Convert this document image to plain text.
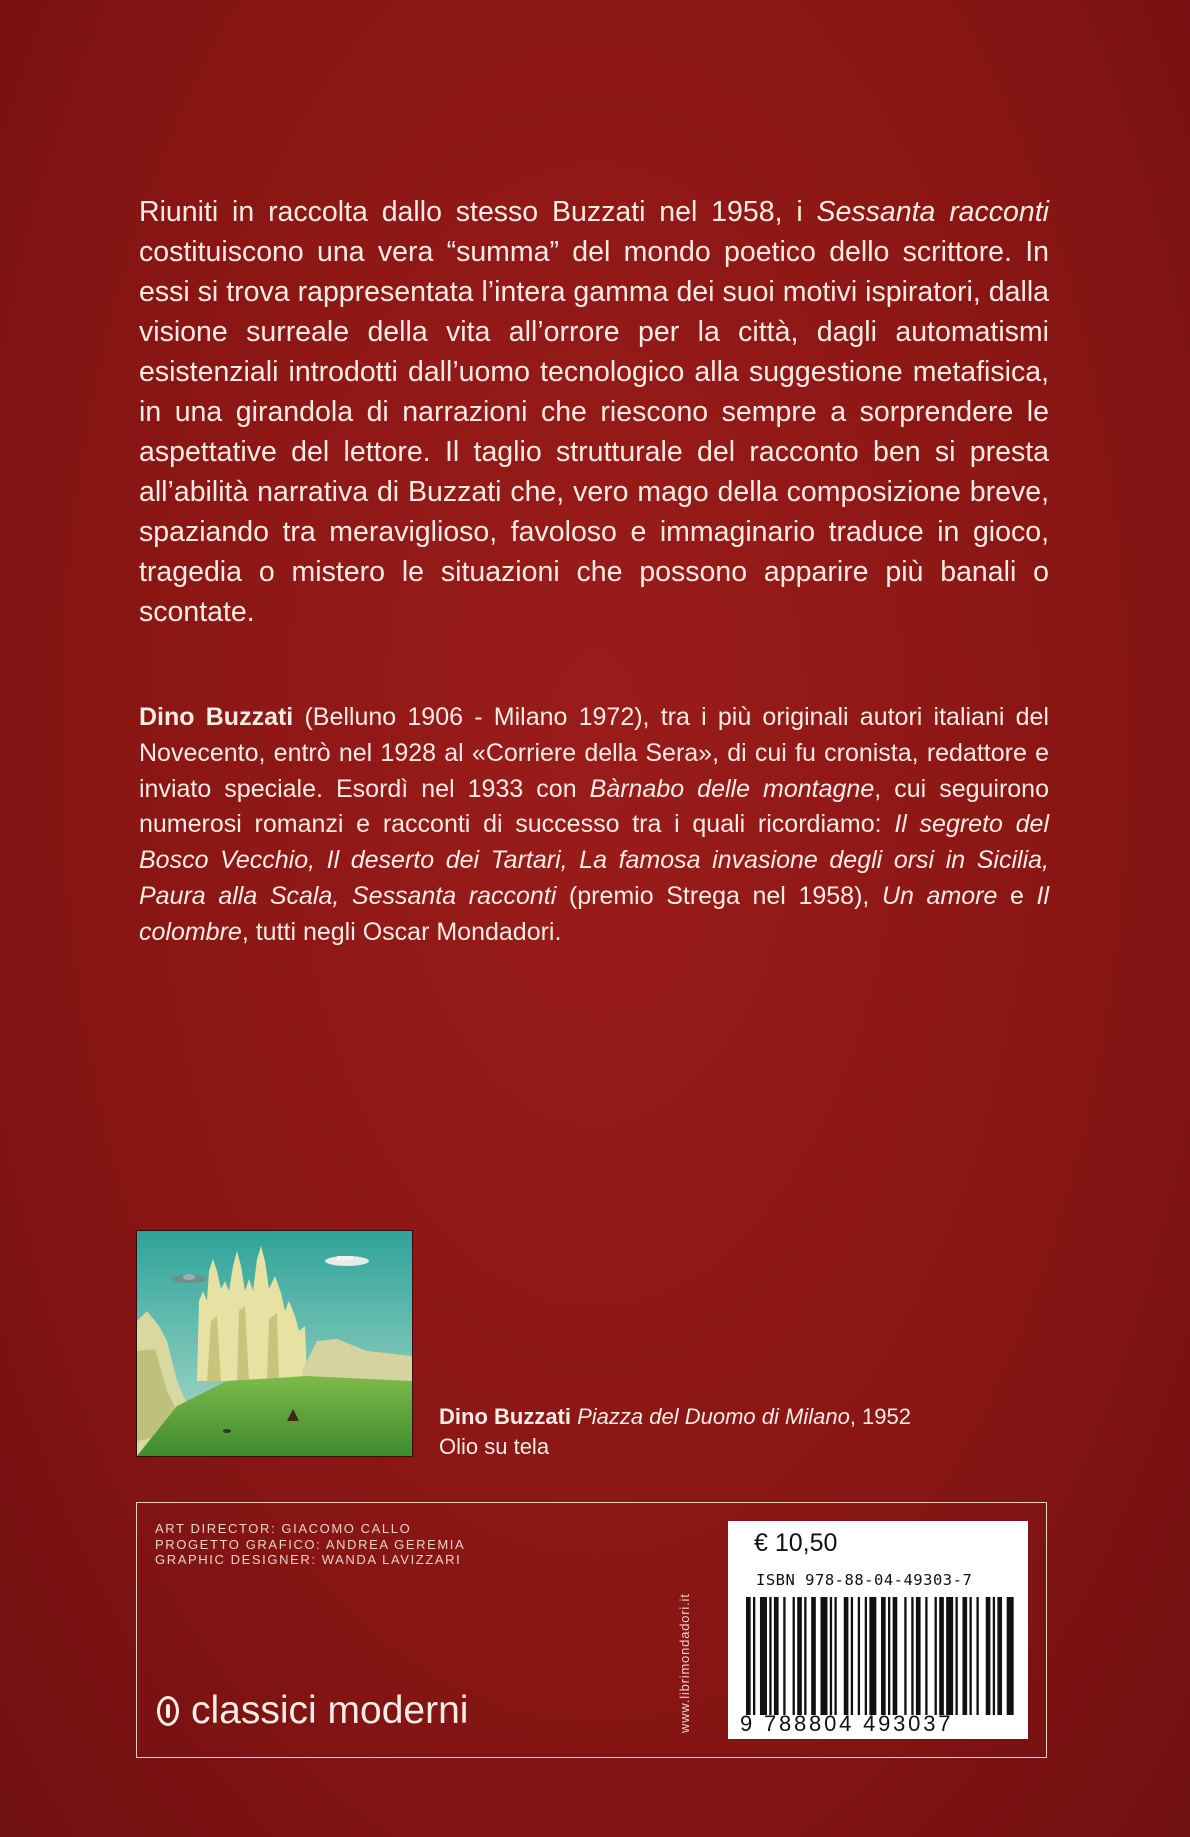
Riuniti in raccolta dallo stesso Buzzati nel 1958, i Sessanta racconti costituiscono una vera “summa” del mondo poetico dello scrittore. In essi si trova rappresentata l’intera gamma dei suoi motivi ispiratori, dalla visione surreale della vita all’orrore per la città, dagli automatismi esistenziali introdotti dall’uomo tecnologico alla suggestione metafisica, in una girandola di narrazioni che riescono sempre a sorprendere le aspettative del lettore. Il taglio strutturale del racconto ben si presta all’abilità narrativa di Buzzati che, vero mago della composizione breve, spaziando tra meraviglioso, favoloso e immaginario traduce in gioco, tragedia o mistero le situazioni che possono apparire più banali o scontate.

Dino Buzzati (Belluno 1906 - Milano 1972), tra i più originali autori italiani del Novecento, entrò nel 1928 al «Corriere della Sera», di cui fu cronista, redattore e inviato speciale. Esordì nel 1933 con Bàrnabo delle montagne, cui seguirono numerosi romanzi e racconti di successo tra i quali ricordiamo: Il segreto del Bosco Vecchio, Il deserto dei Tartari, La famosa invasione degli orsi in Sicilia, Paura alla Scala, Sessanta racconti (premio Strega nel 1958), Un amore e Il colombre, tutti negli Oscar Mondadori.

Dino Buzzati Piazza del Duomo di Milano, 1952
Olio su tela
ART DIRECTOR: GIACOMO CALLO
PROGETTO GRAFICO: ANDREA GEREMIA
GRAPHIC DESIGNER: WANDA LAVIZZARI
classici moderni	www.librimondadori.it
€ 10,50
ISBN 978-88-04-49303-7
9 788804 493037
